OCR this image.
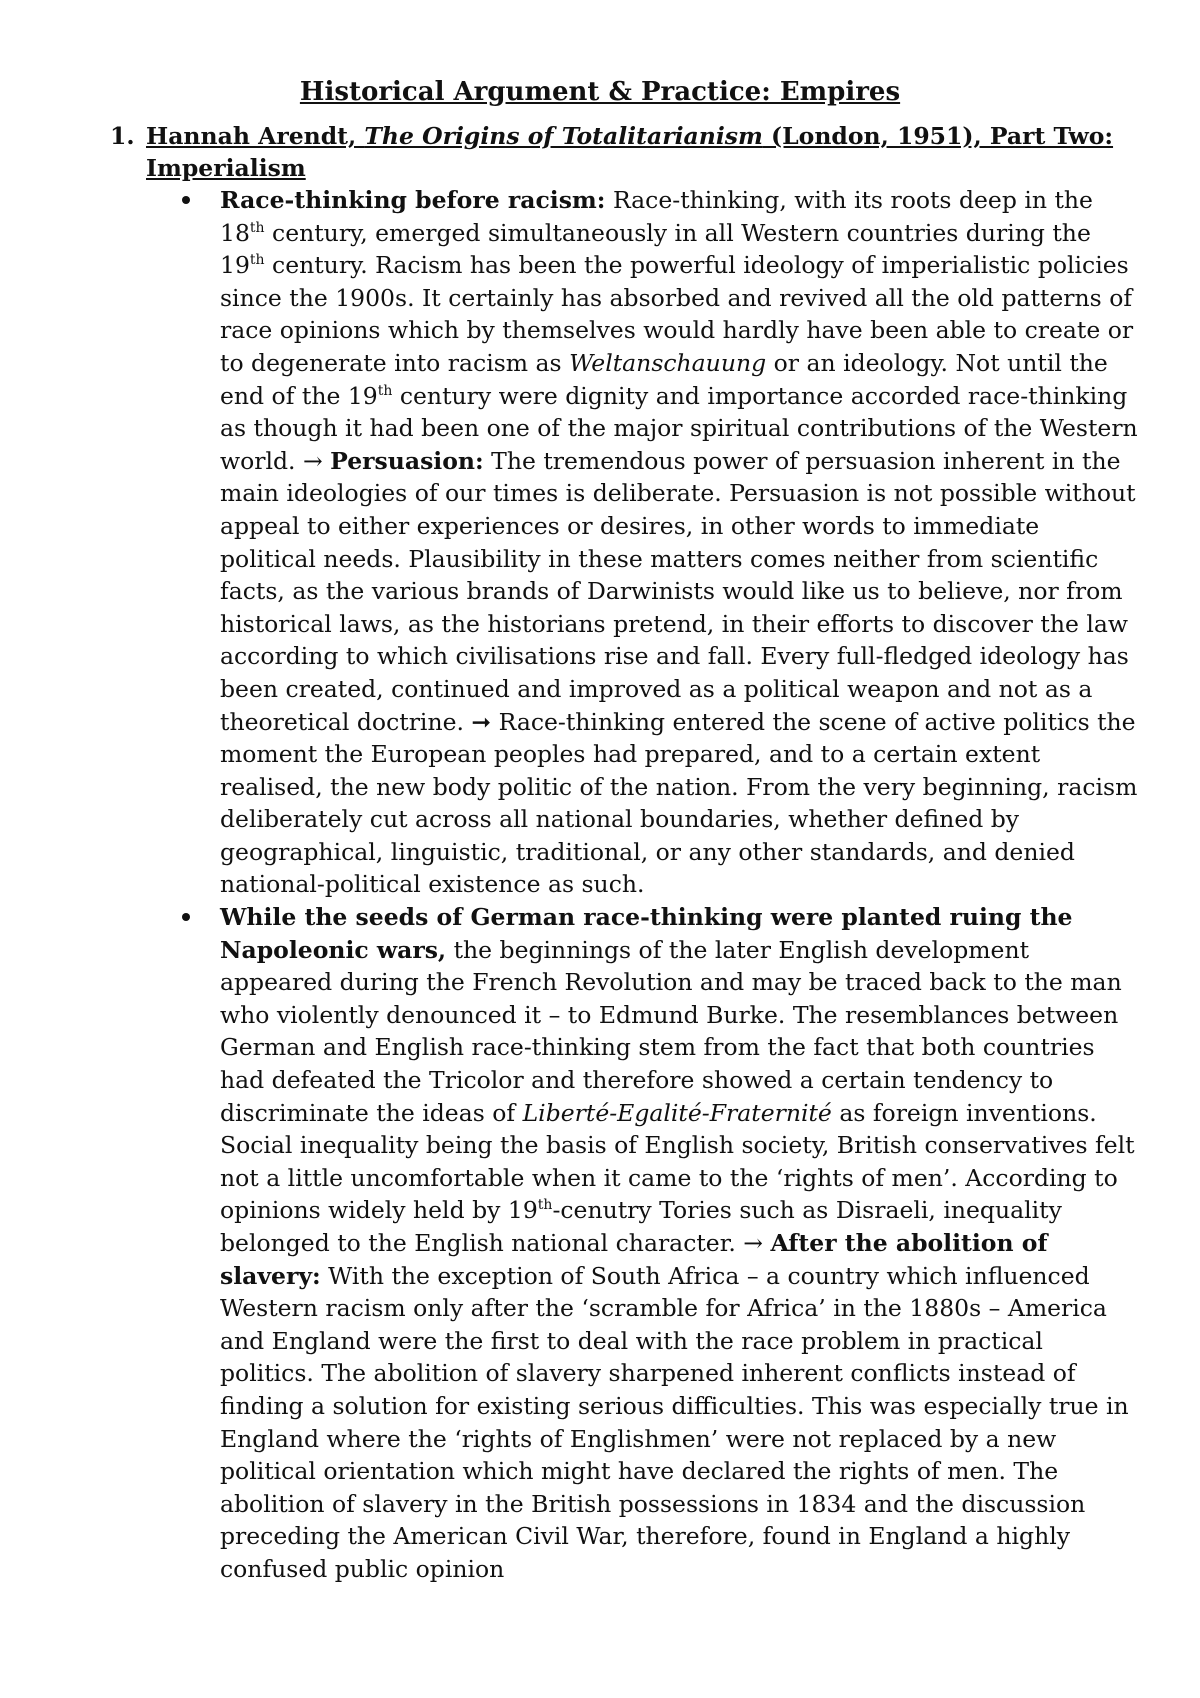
Historical Argument & Practice: Empires
1. Hannah Arendt, The Origins of Totalitarianism (London, 1951), Part Two: Imperialism
Race-thinking before racism: Race-thinking, with its roots deep in the 18th century, emerged simultaneously in all Western countries during the 19th century. Racism has been the powerful ideology of imperialistic policies since the 1900s. It certainly has absorbed and revived all the old patterns of race opinions which by themselves would hardly have been able to create or to degenerate into racism as Weltanschauung or an ideology. Not until the end of the 19th century were dignity and importance accorded race-thinking as though it had been one of the major spiritual contributions of the Western world. → Persuasion: The tremendous power of persuasion inherent in the main ideologies of our times is deliberate. Persuasion is not possible without appeal to either experiences or desires, in other words to immediate political needs. Plausibility in these matters comes neither from scientific facts, as the various brands of Darwinists would like us to believe, nor from historical laws, as the historians pretend, in their efforts to discover the law according to which civilisations rise and fall. Every full-fledged ideology has been created, continued and improved as a political weapon and not as a theoretical doctrine. ➞ Race-thinking entered the scene of active politics the moment the European peoples had prepared, and to a certain extent realised, the new body politic of the nation. From the very beginning, racism deliberately cut across all national boundaries, whether defined by geographical, linguistic, traditional, or any other standards, and denied national-political existence as such.
While the seeds of German race-thinking were planted ruing the Napoleonic wars, the beginnings of the later English development appeared during the French Revolution and may be traced back to the man who violently denounced it – to Edmund Burke. The resemblances between German and English race-thinking stem from the fact that both countries had defeated the Tricolor and therefore showed a certain tendency to discriminate the ideas of Liberté-Egalité-Fraternité as foreign inventions. Social inequality being the basis of English society, British conservatives felt not a little uncomfortable when it came to the ‘rights of men’. According to opinions widely held by 19th-cenutry Tories such as Disraeli, inequality belonged to the English national character. → After the abolition of slavery: With the exception of South Africa – a country which influenced Western racism only after the ‘scramble for Africa’ in the 1880s – America and England were the first to deal with the race problem in practical politics. The abolition of slavery sharpened inherent conflicts instead of finding a solution for existing serious difficulties. This was especially true in England where the ‘rights of Englishmen’ were not replaced by a new political orientation which might have declared the rights of men. The abolition of slavery in the British possessions in 1834 and the discussion preceding the American Civil War, therefore, found in England a highly confused public opinion
